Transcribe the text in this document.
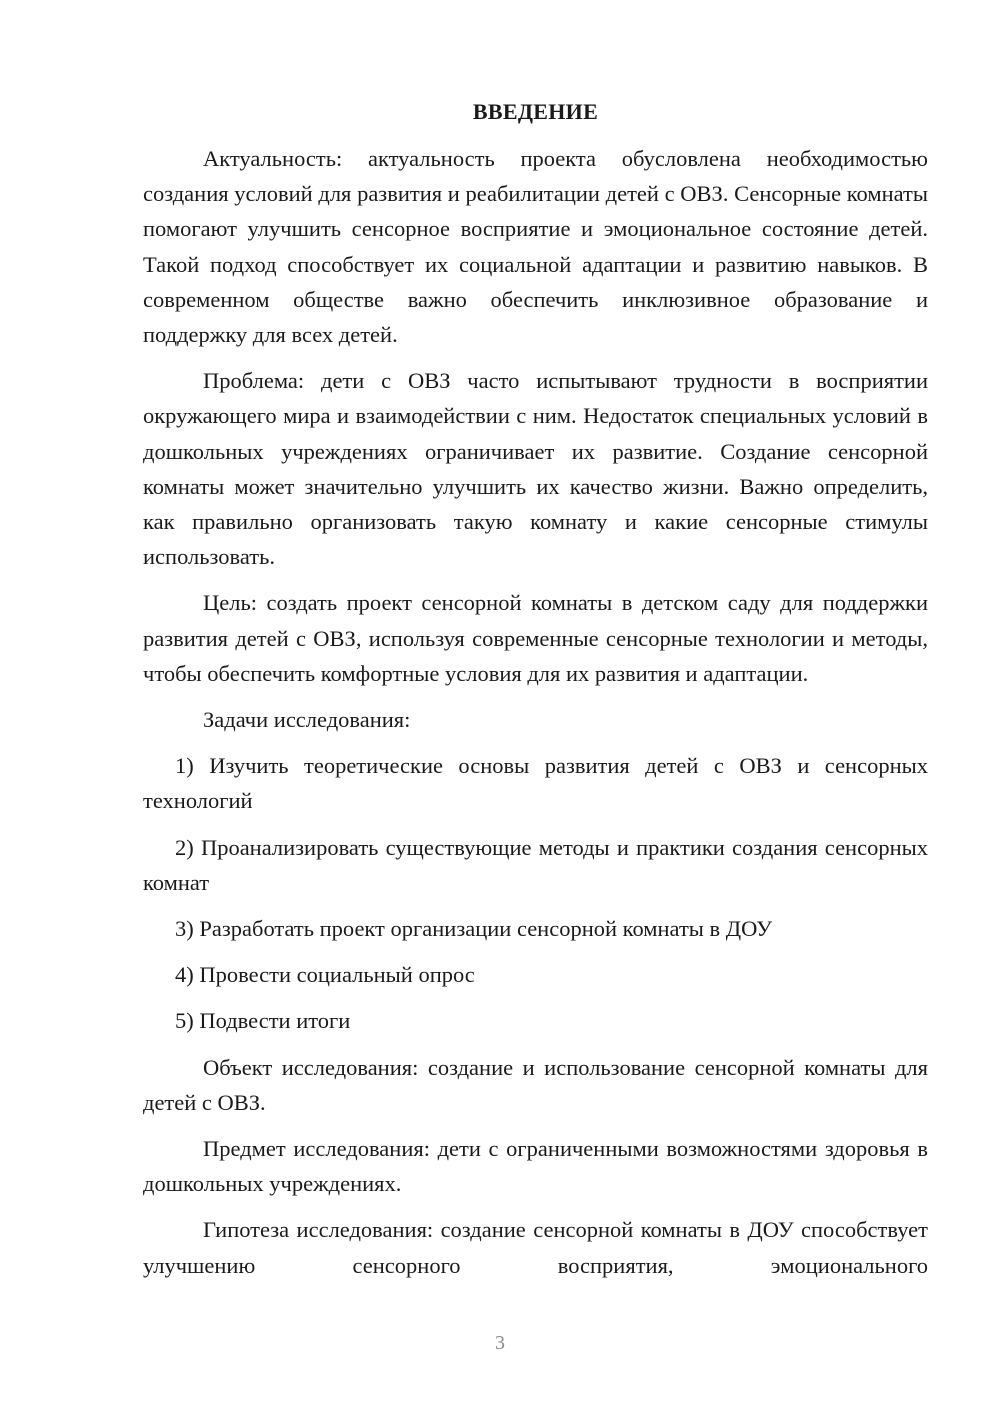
ВВЕДЕНИЕ

Актуальность: актуальность проекта обусловлена необходимостью создания условий для развития и реабилитации детей с ОВЗ. Сенсорные комнаты помогают улучшить сенсорное восприятие и эмоциональное состояние детей. Такой подход способствует их социальной адаптации и развитию навыков. В современном обществе важно обеспечить инклюзивное образование и поддержку для всех детей.

Проблема: дети с ОВЗ часто испытывают трудности в восприятии окружающего мира и взаимодействии с ним. Недостаток специальных условий в дошкольных учреждениях ограничивает их развитие. Создание сенсорной комнаты может значительно улучшить их качество жизни. Важно определить, как правильно организовать такую комнату и какие сенсорные стимулы использовать.

Цель: создать проект сенсорной комнаты в детском саду для поддержки развития детей с ОВЗ, используя современные сенсорные технологии и методы, чтобы обеспечить комфортные условия для их развития и адаптации.

Задачи исследования:

1) Изучить теоретические основы развития детей с ОВЗ и сенсорных технологий

2) Проанализировать существующие методы и практики создания сенсорных комнат

3) Разработать проект организации сенсорной комнаты в ДОУ

4) Провести социальный опрос

5) Подвести итоги

Объект исследования: создание и использование сенсорной комнаты для детей с ОВЗ.

Предмет исследования: дети с ограниченными возможностями здоровья в дошкольных учреждениях.

Гипотеза исследования: создание сенсорной комнаты в ДОУ способствует улучшению сенсорного восприятия, эмоционального

3
